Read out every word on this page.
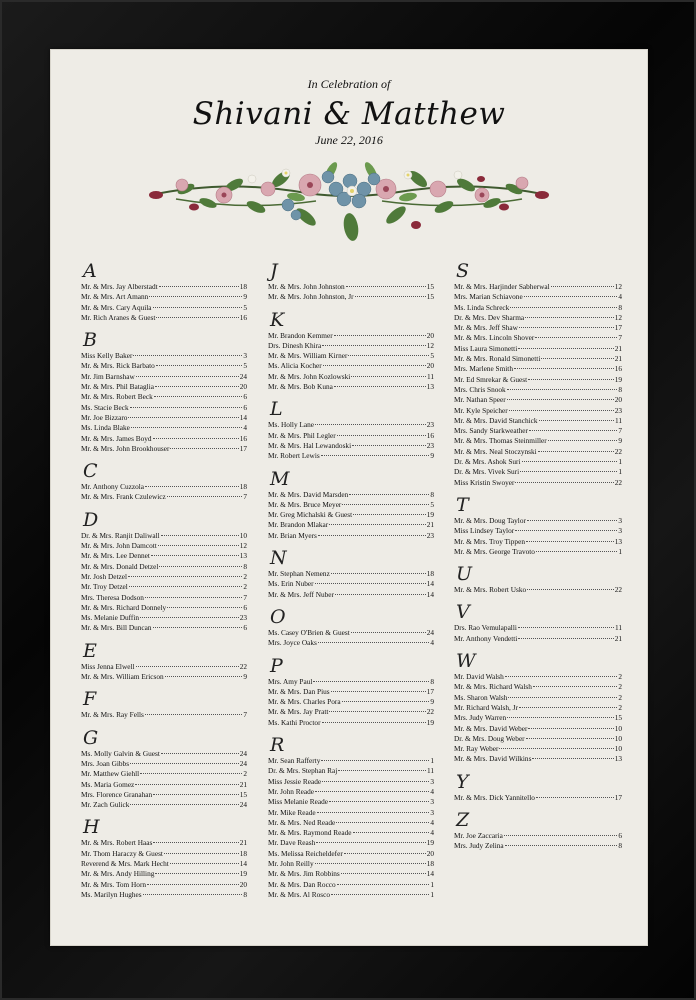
In Celebration of
Shivani & Matthew
June 22, 2016
A
Mr. & Mrs. Jay Alberstadt	18
Mr. & Mrs. Art Amann	9
Mr. & Mrs. Cary Aquila	5
Mr. Rich Aranes & Guest	16
B
Miss Kelly Baker	3
Mr. & Mrs. Rick Barbato	5
Mr. Jim Barnshaw	24
Mr. & Mrs. Phil Bataglia	20
Mr. & Mrs. Robert Beck	6
Ms. Stacie Beck	6
Mr. Joe Bizzaro	14
Ms. Linda Blake	4
Mr. & Mrs. James Boyd	16
Mr. & Mrs. John Brookhouser	17
C
Mr. Anthony Cuzzola	18
Mr. & Mrs. Frank Czulewicz	7
D
Dr. & Mrs. Ranjit Daliwall	10
Mr. & Mrs. John Damcott	12
Mr. & Mrs. Lee Dennet	13
Mr. & Mrs. Donald Detzel	8
Mr. Josh Detzel	2
Mr. Troy Detzel	2
Mrs. Theresa Dodson	7
Mr. & Mrs. Richard Donnely	6
Ms. Melanie Duffin	23
Mr. & Mrs. Bill Duncan	6
E
Miss Jenna Elwell	22
Mr. & Mrs. William Ericson	9
F
Mr. & Mrs. Ray Fells	7
G
Ms. Molly Galvin & Guest	24
Mrs. Joan Gibbs	24
Mr. Matthew Giehll	2
Ms. Maria Gomez	21
Mrs. Florence Granahan	15
Mr. Zach Gulick	24
H
Mr. & Mrs. Robert Haas	21
Mr. Thom Haraczy & Guest	18
Reverend & Mrs. Mark Hecht	14
Mr. & Mrs. Andy Hilling	19
Mr. & Mrs. Tom Horn	20
Ms. Marilyn Hughes	8
J
Mr. & Mrs. John Johnston	15
Mr. & Mrs. John Johnston, Jr	15
K
Mr. Brandon Kemmer	20
Drs. Dinesh Khira	12
Mr. & Mrs. William Kirner	5
Ms. Alicia Kocher	20
Mr. & Mrs. John Kozlowski	11
Mr. & Mrs. Bob Kuna	13
L
Ms. Holly Lane	23
Mr. & Mrs. Phil Legler	16
Mr. & Mrs. Hal Lewandoski	23
Mr. Robert Lewis	9
M
Mr. & Mrs. David Marsden	8
Mr. & Mrs. Bruce Meyer	5
Mr. Greg Michalski & Guest	19
Mr. Brandon Mlakar	21
Mr. Brian Myers	23
N
Mr. Stephan Nemenz	18
Ms. Erin Nuber	14
Mr. & Mrs. Jeff Nuber	14
O
Ms. Casey O'Brien & Guest	24
Mrs. Joyce Oaks	4
P
Mrs. Amy Paul	8
Mr. & Mrs. Dan Pius	17
Mr. & Mrs. Charles Pora	9
Mr. & Mrs. Jay Pratt	22
Ms. Kathi Proctor	19
R
Mr. Sean Rafferty	1
Dr. & Mrs. Stephan Raj	11
Miss Jessie Reade	3
Mr. John Reade	4
Miss Melanie Reade	3
Mr. Mike Reade	3
Mr. & Mrs. Ned Reade	4
Mr. & Mrs. Raymond Reade	4
Mr. Dave Reash	19
Ms. Melissa Reicheldefer	20
Mr. John Reilly	18
Mr. & Mrs. Jim Robbins	14
Mr. & Mrs. Dan Rocco	1
Mr. & Mrs. Al Rosco	1
S
Mr. & Mrs. Harjinder Sabherwal	12
Mrs. Marian Schiavone	4
Ms. Linda Schreck	8
Dr. & Mrs. Dev Sharma	12
Mr. & Mrs. Jeff Shaw	17
Mr. & Mrs. Lincoln Shover	7
Miss Laura Simonetti	21
Mr. & Mrs. Ronald Simonetti	21
Mrs. Marlene Smith	16
Mr. Ed Smrekar & Guest	19
Mrs. Chris Snook	8
Mr. Nathan Speer	20
Mr. Kyle Speicher	23
Mr. & Mrs. David Stanchick	11
Mrs. Sandy Starkweather	7
Mr. & Mrs. Thomas Steinmiller	9
Mr. & Mrs. Neal Stoczynski	22
Dr. & Mrs. Ashok Suri	1
Dr. & Mrs. Vivek Suri	1
Miss Kristin Swoyer	22
T
Mr. & Mrs. Doug Taylor	3
Miss Lindsey Taylor	3
Mr. & Mrs. Troy Tippen	13
Mr. & Mrs. George Travoto	1
U
Mr. & Mrs. Robert Usko	22
V
Drs. Rao Vemulapalli	11
Mr. Anthony Vendetti	21
W
Mr. David Walsh	2
Mr. & Mrs. Richard Walsh	2
Ms. Sharon Walsh	2
Mr. Richard Walsh, Jr	2
Mrs. Judy Warren	15
Mr. & Mrs. David Weber	10
Dr. & Mrs. Doug Weber	10
Mr. Ray Weber	10
Mr. & Mrs. David Wilkins	13
Y
Mr. & Mrs. Dick Yannitello	17
Z
Mr. Joe Zaccaria	6
Mrs. Judy Zelina	8
